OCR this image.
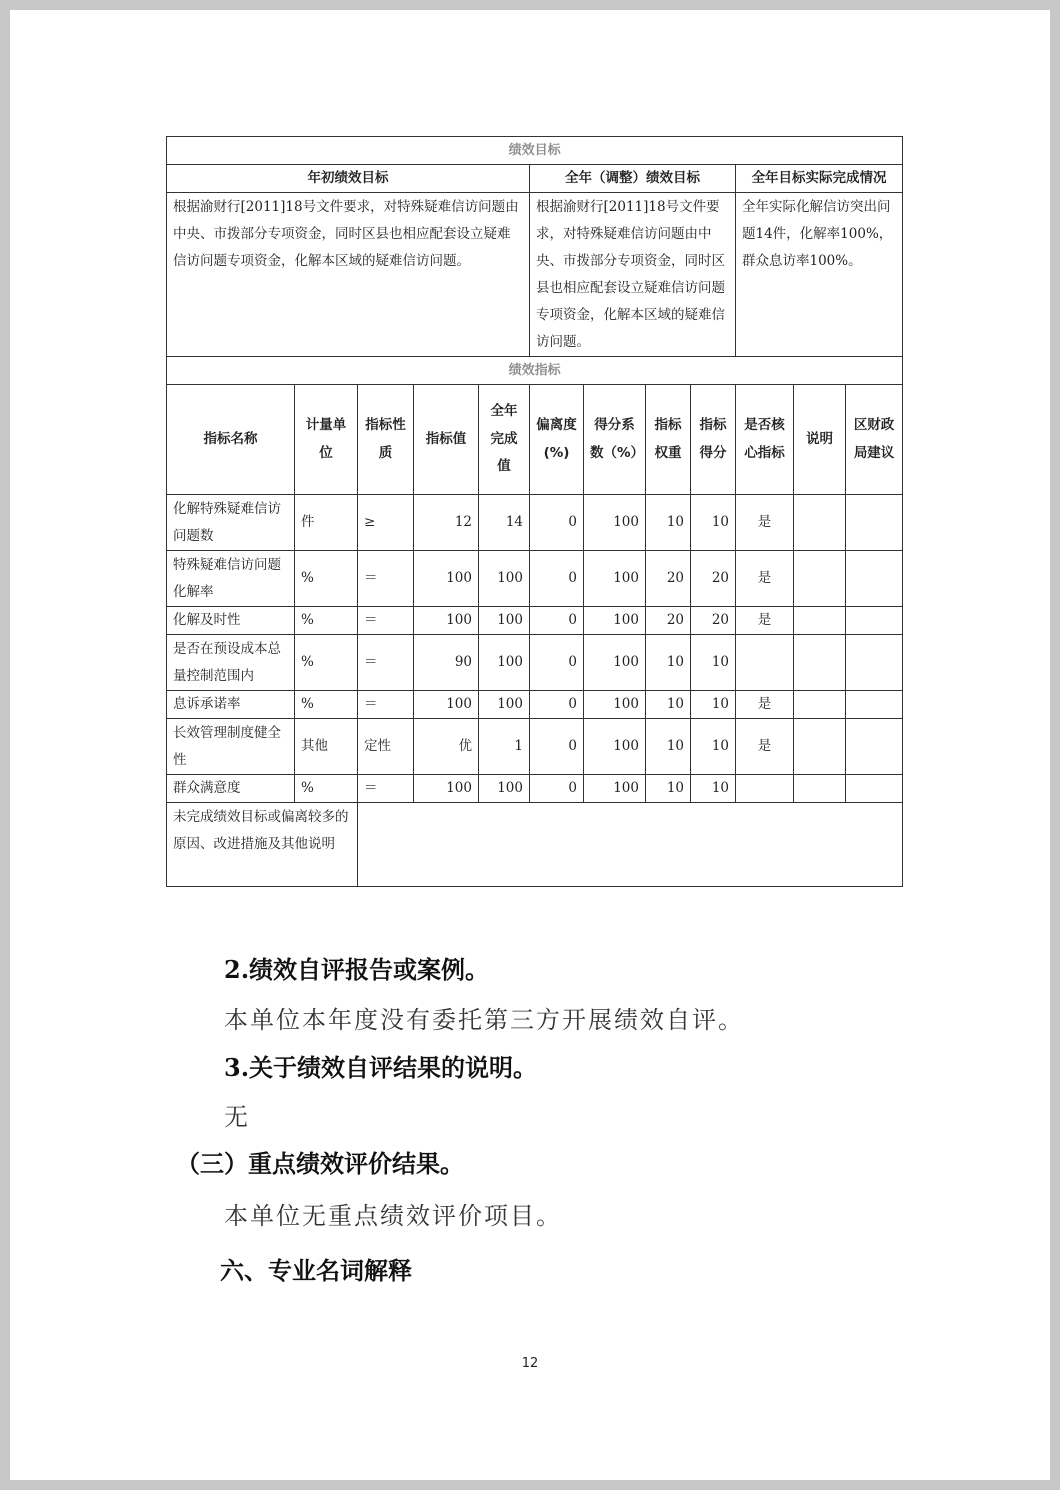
绩效目标											
年初绩效目标					全年（调整）绩效目标				全年目标实际完成情况		
根据渝财行[2011]18号文件要求，对特殊疑难信访问题由中央、市拨部分专项资金，同时区县也相应配套设立疑难信访问题专项资金，化解本区域的疑难信访问题。					根据渝财行[2011]18号文件要求，对特殊疑难信访问题由中央、市拨部分专项资金，同时区县也相应配套设立疑难信访问题专项资金，化解本区域的疑难信访问题。				全年实际化解信访突出问题14件，化解率100%，群众息访率100%。		
绩效指标											
指标名称	计量单位	指标性质	指标值	全年完成值	偏离度(%)	得分系数（%）	指标权重	指标得分	是否核心指标	说明	区财政局建议
化解特殊疑难信访问题数	件	≥	12	14	0	100	10	10	是		
特殊疑难信访问题化解率	%	＝	100	100	0	100	20	20	是		
化解及时性	%	＝	100	100	0	100	20	20	是		
是否在预设成本总量控制范围内	%	＝	90	100	0	100	10	10			
息诉承诺率	%	＝	100	100	0	100	10	10	是		
长效管理制度健全性	其他	定性	优	1	0	100	10	10	是		
群众满意度	%	＝	100	100	0	100	10	10			
未完成绩效目标或偏离较多的原因、改进措施及其他说明											
2.绩效自评报告或案例。
本单位本年度没有委托第三方开展绩效自评。
3.关于绩效自评结果的说明。
无
（三）重点绩效评价结果。
本单位无重点绩效评价项目。
六、专业名词解释
12
